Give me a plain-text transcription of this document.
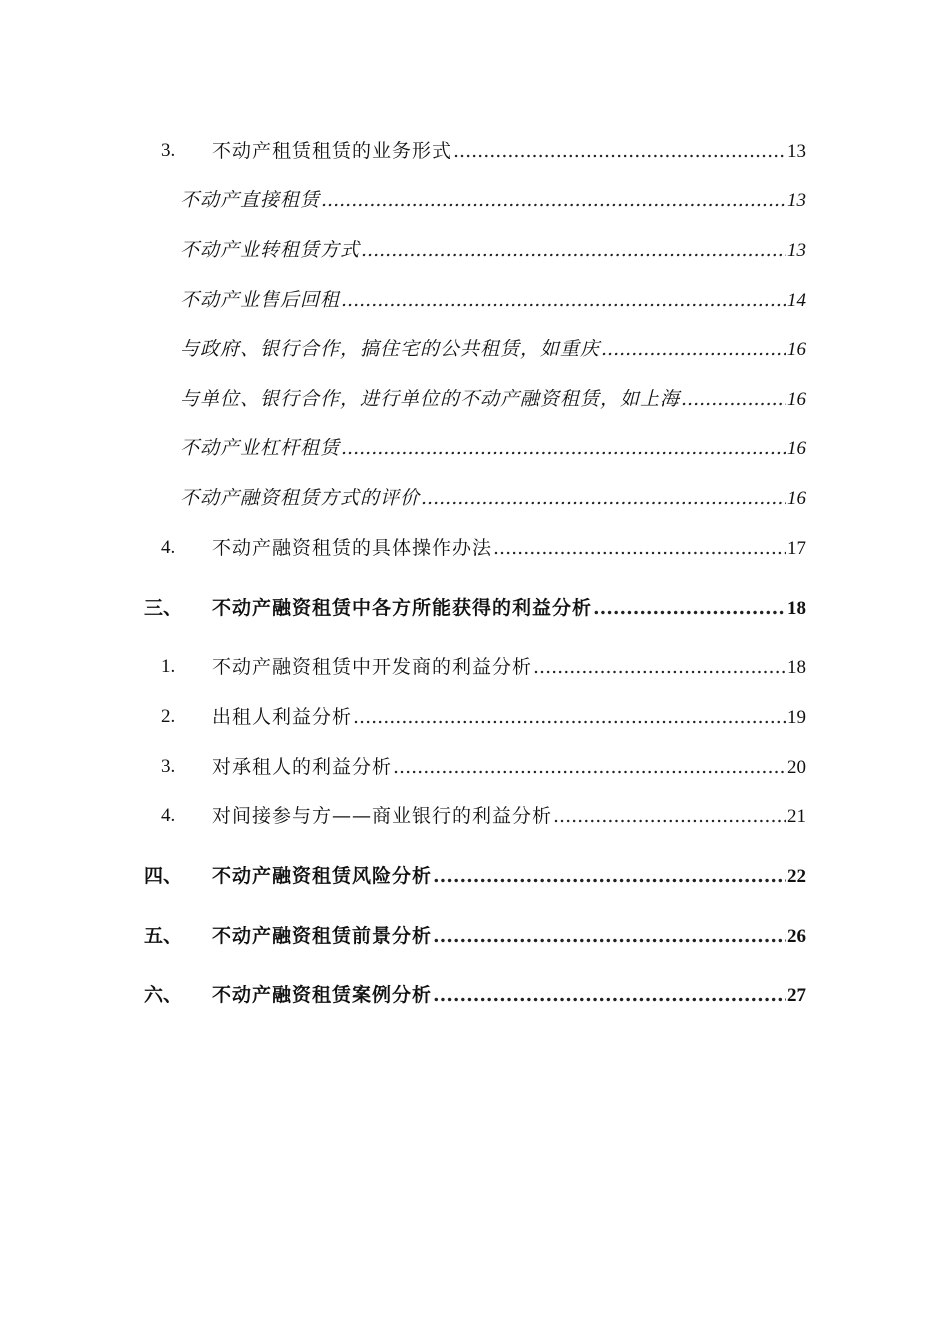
3. 不动产租赁租赁的业务形式 .....	13
不动产直接租赁 .....	13
不动产业转租赁方式 .....	13
不动产业售后回租 .....	14
与政府、银行合作，搞住宅的公共租赁，如重庆 .....	16
与单位、银行合作，进行单位的不动产融资租赁，如上海 .....	16
不动产业杠杆租赁 .....	16
不动产融资租赁方式的评价 .....	16
4. 不动产融资租赁的具体操作办法 .....	17
三、 不动产融资租赁中各方所能获得的利益分析 .....	18
1. 不动产融资租赁中开发商的利益分析 .....	18
2. 出租人利益分析 .....	19
3. 对承租人的利益分析 .....	20
4. 对间接参与方——商业银行的利益分析 .....	21
四、 不动产融资租赁风险分析 .....	22
五、 不动产融资租赁前景分析 .....	26
六、 不动产融资租赁案例分析 .....	27
